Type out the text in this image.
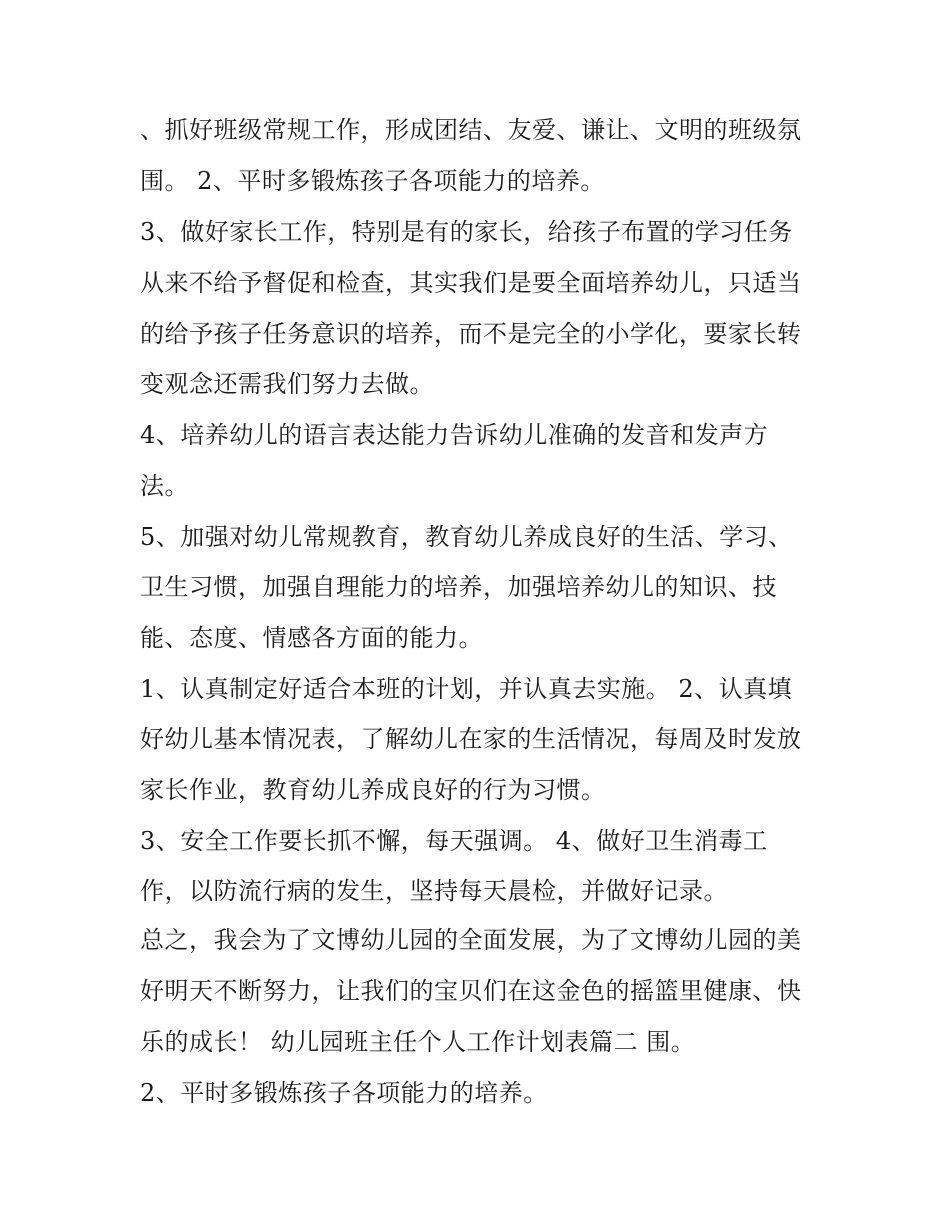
、抓好班级常规工作，形成团结、友爱、谦让、文明的班级氛
围。 2、平时多锻炼孩子各项能力的培养。
3、做好家长工作，特别是有的家长，给孩子布置的学习任务
从来不给予督促和检查，其实我们是要全面培养幼儿，只适当
的给予孩子任务意识的培养，而不是完全的小学化，要家长转
变观念还需我们努力去做。
4、培养幼儿的语言表达能力告诉幼儿准确的发音和发声方
法。
5、加强对幼儿常规教育，教育幼儿养成良好的生活、学习、
卫生习惯，加强自理能力的培养，加强培养幼儿的知识、技
能、态度、情感各方面的能力。
1、认真制定好适合本班的计划，并认真去实施。 2、认真填
好幼儿基本情况表，了解幼儿在家的生活情况，每周及时发放
家长作业，教育幼儿养成良好的行为习惯。
3、安全工作要长抓不懈，每天强调。 4、做好卫生消毒工
作，以防流行病的发生，坚持每天晨检，并做好记录。
总之，我会为了文博幼儿园的全面发展，为了文博幼儿园的美
好明天不断努力，让我们的宝贝们在这金色的摇篮里健康、快
乐的成长！ 幼儿园班主任个人工作计划表篇二 围。
2、平时多锻炼孩子各项能力的培养。
